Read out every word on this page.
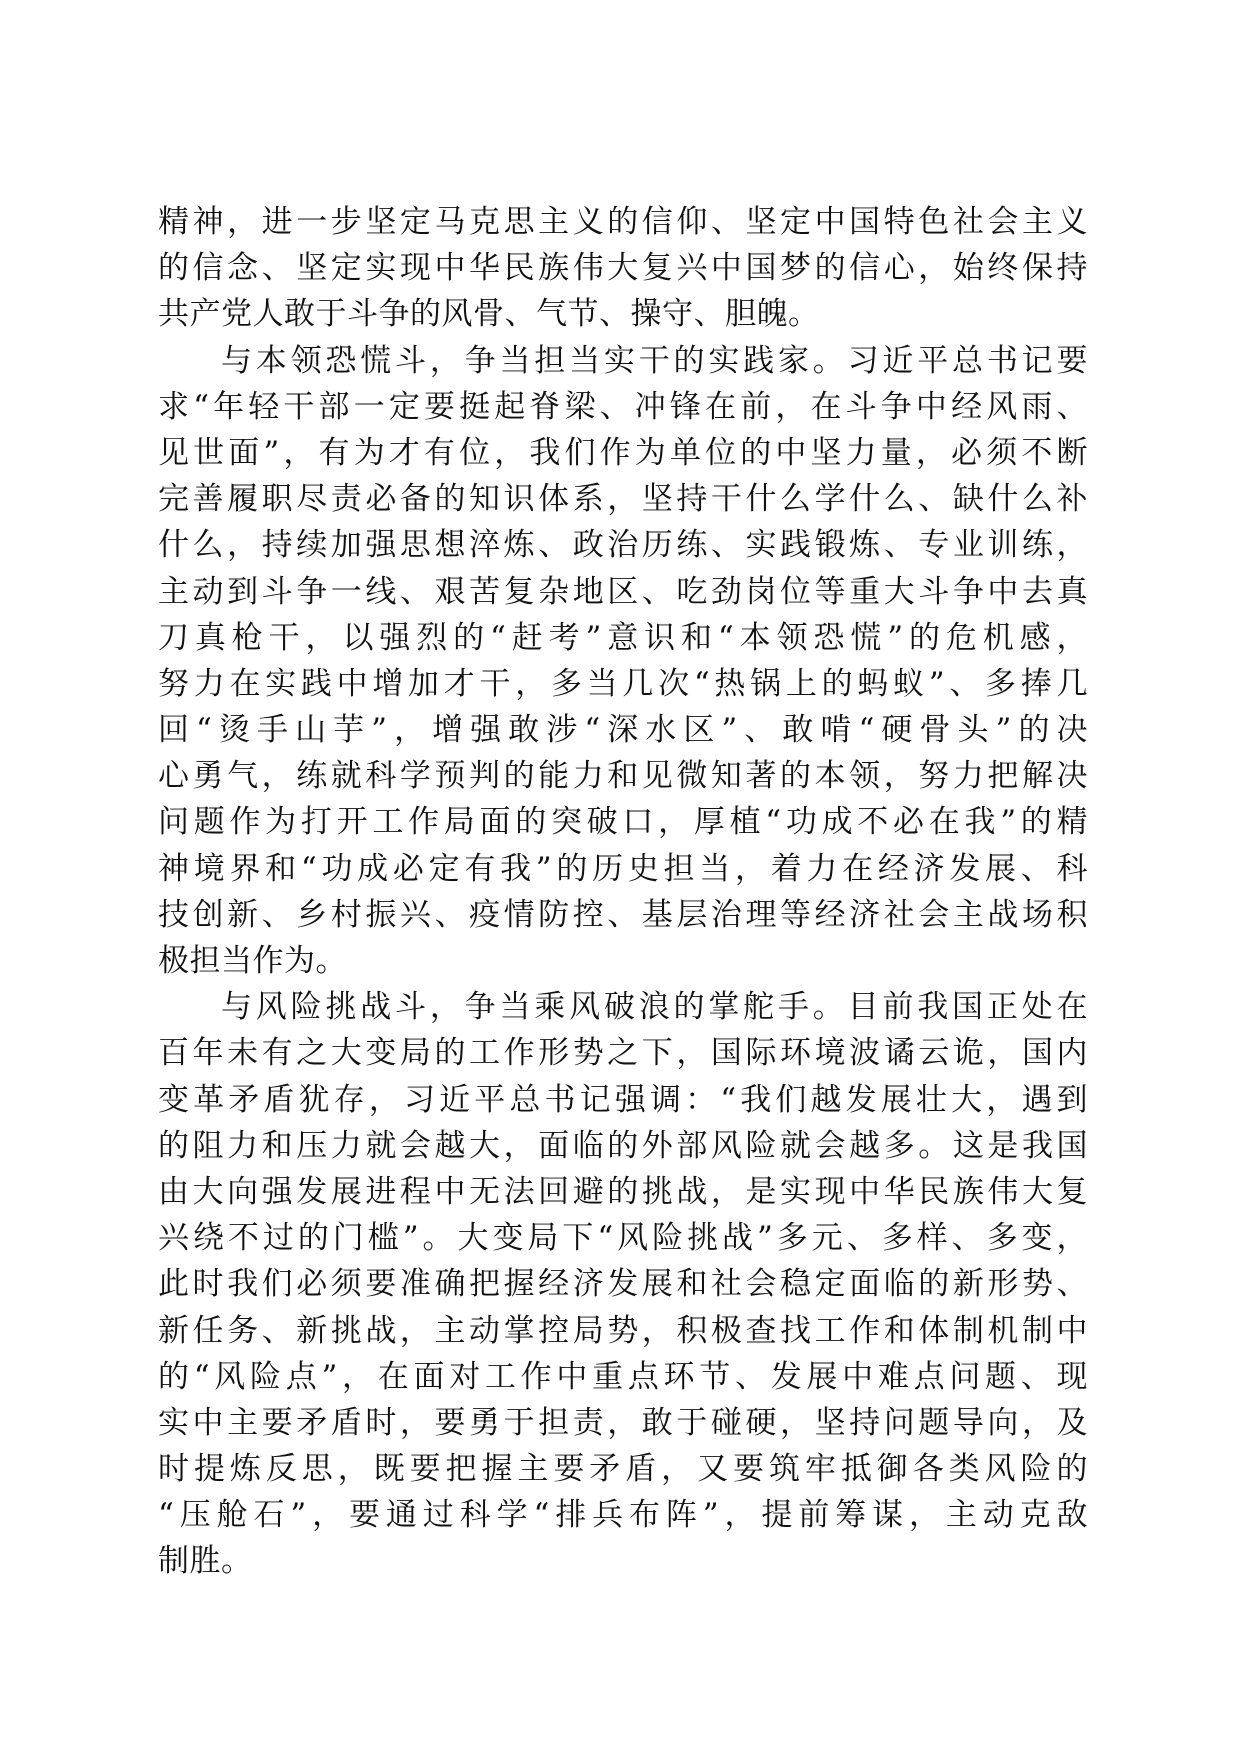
精神，进一步坚定马克思主义的信仰、坚定中国特色社会主义
的信念、坚定实现中华民族伟大复兴中国梦的信心，始终保持
共产党人敢于斗争的风骨、气节、操守、胆魄。
与本领恐慌斗，争当担当实干的实践家。习近平总书记要
求“年轻干部一定要挺起脊梁、冲锋在前，在斗争中经风雨、
见世面”，有为才有位，我们作为单位的中坚力量，必须不断
完善履职尽责必备的知识体系，坚持干什么学什么、缺什么补
什么，持续加强思想淬炼、政治历练、实践锻炼、专业训练，
主动到斗争一线、艰苦复杂地区、吃劲岗位等重大斗争中去真
刀真枪干，以强烈的“赶考”意识和“本领恐慌”的危机感，
努力在实践中增加才干，多当几次“热锅上的蚂蚁”、多捧几
回“烫手山芋”，增强敢涉“深水区”、敢啃“硬骨头”的决
心勇气，练就科学预判的能力和见微知著的本领，努力把解决
问题作为打开工作局面的突破口，厚植“功成不必在我”的精
神境界和“功成必定有我”的历史担当，着力在经济发展、科
技创新、乡村振兴、疫情防控、基层治理等经济社会主战场积
极担当作为。
与风险挑战斗，争当乘风破浪的掌舵手。目前我国正处在
百年未有之大变局的工作形势之下，国际环境波谲云诡，国内
变革矛盾犹存，习近平总书记强调：“我们越发展壮大，遇到
的阻力和压力就会越大，面临的外部风险就会越多。这是我国
由大向强发展进程中无法回避的挑战，是实现中华民族伟大复
兴绕不过的门槛”。大变局下“风险挑战”多元、多样、多变，
此时我们必须要准确把握经济发展和社会稳定面临的新形势、
新任务、新挑战，主动掌控局势，积极查找工作和体制机制中
的“风险点”，在面对工作中重点环节、发展中难点问题、现
实中主要矛盾时，要勇于担责，敢于碰硬，坚持问题导向，及
时提炼反思，既要把握主要矛盾，又要筑牢抵御各类风险的
“压舱石”，要通过科学“排兵布阵”，提前筹谋，主动克敌
制胜。
